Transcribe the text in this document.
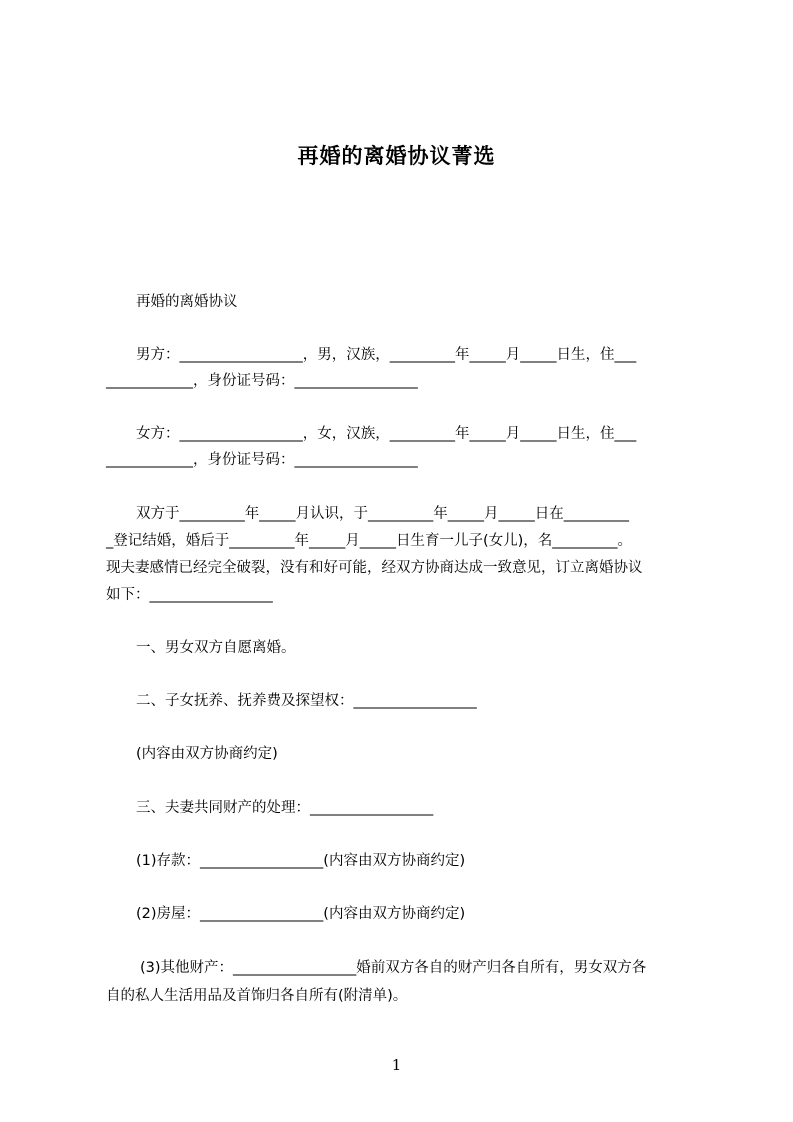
再婚的离婚协议菁选
再婚的离婚协议
男方：_________________，男，汉族，_________年_____月_____日生，住___
____________，身份证号码：_________________
女方：_________________，女，汉族，_________年_____月_____日生，住___
____________，身份证号码：_________________
双方于_________年_____月认识，于_________年_____月_____日在_________
_登记结婚，婚后于_________年_____月_____日生育一儿子(女儿)，名_________。
现夫妻感情已经完全破裂，没有和好可能，经双方协商达成一致意见，订立离婚协议
如下：_________________
一、男女双方自愿离婚。
二、子女抚养、抚养费及探望权：_________________
(内容由双方协商约定)
三、夫妻共同财产的处理：_________________
(1)存款：_________________(内容由双方协商约定)
(2)房屋：_________________(内容由双方协商约定)
(3)其他财产：_________________婚前双方各自的财产归各自所有，男女双方各
自的私人生活用品及首饰归各自所有(附清单)。
1
